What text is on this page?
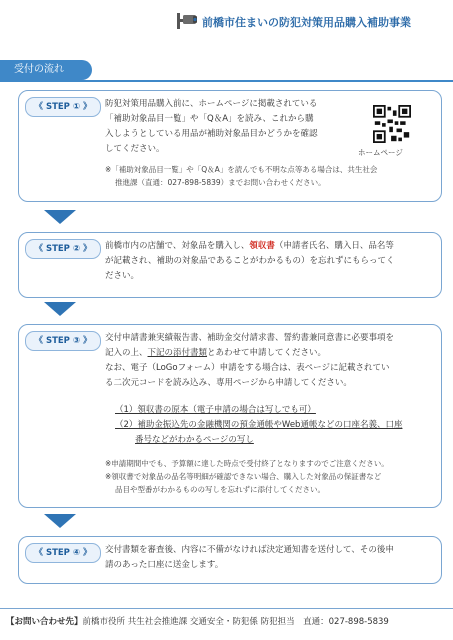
前橋市住まいの防犯対策用品購入補助事業
受付の流れ
《 STEP ① 》	防犯対策用品購入前に、ホームページに掲載されている
「補助対象品目一覧」や「Q＆A」を読み、これから購
入しようとしている用品が補助対象品目かどうかを確認
してください。	ホームページ
※「補助対象品目一覧」や「Q＆A」を読んでも不明な点等ある場合は、共生社会
推進課（直通：027-898-5839）までお問い合わせください。
《 STEP ② 》	前橋市内の店舗で、対象品を購入し、領収書（申請者氏名、購入日、品名等
が記載され、補助の対象品であることがわかるもの）を忘れずにもらってく
ださい。
《 STEP ③ 》	交付申請書兼実績報告書、補助金交付請求書、誓約書兼同意書に必要事項を
記入の上、下記の添付書類とあわせて申請してください。
なお、電子（LoGoフォーム）申請をする場合は、表ページに記載されてい
る二次元コードを読み込み、専用ページから申請してください。
（1）領収書の原本（電子申請の場合は写しでも可）
（2）補助金振込先の金融機関の預金通帳やWeb通帳などの口座名義、口座
番号などがわかるページの写し
※申請期間中でも、予算額に達した時点で受付終了となりますのでご注意ください。
※領収書で対象品の品名等明細が確認できない場合、購入した対象品の保証書など
品目や型番がわかるものの写しを忘れずに添付してください。
《 STEP ④ 》	交付書類を審査後、内容に不備がなければ決定通知書を送付して、その後申
請のあった口座に送金します。
【お問い合わせ先】前橋市役所 共生社会推進課 交通安全・防犯係 防犯担当　直通：027-898-5839
